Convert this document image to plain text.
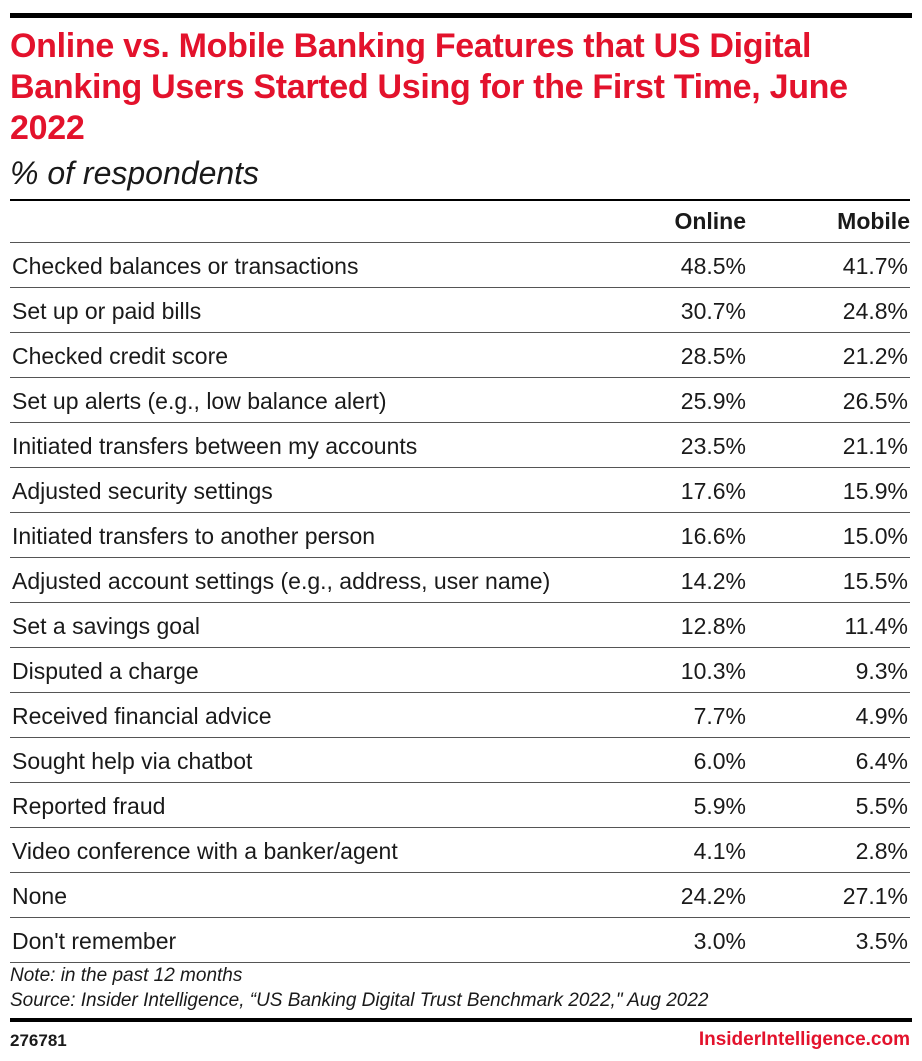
Online vs. Mobile Banking Features that US Digital Banking Users Started Using for the First Time, June 2022
% of respondents
Online	Mobile
Checked balances or transactions	48.5%	41.7%
Set up or paid bills	30.7%	24.8%
Checked credit score	28.5%	21.2%
Set up alerts (e.g., low balance alert)	25.9%	26.5%
Initiated transfers between my accounts	23.5%	21.1%
Adjusted security settings	17.6%	15.9%
Initiated transfers to another person	16.6%	15.0%
Adjusted account settings (e.g., address, user name)	14.2%	15.5%
Set a savings goal	12.8%	11.4%
Disputed a charge	10.3%	9.3%
Received financial advice	7.7%	4.9%
Sought help via chatbot	6.0%	6.4%
Reported fraud	5.9%	5.5%
Video conference with a banker/agent	4.1%	2.8%
None	24.2%	27.1%
Don't remember	3.0%	3.5%
Note: in the past 12 months
Source: Insider Intelligence, “US Banking Digital Trust Benchmark 2022," Aug 2022
276781	InsiderIntelligence.com
